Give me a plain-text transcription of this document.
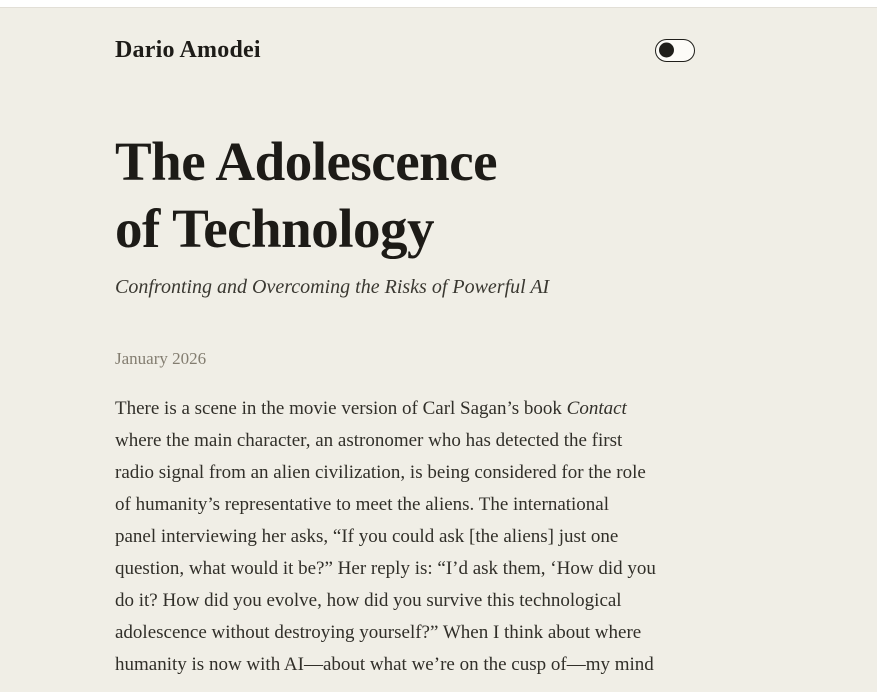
Dario Amodei
The Adolescence
of Technology

Confronting and Overcoming the Risks of Powerful AI

January 2026

There is a scene in the movie version of Carl Sagan’s book Contact

where the main character, an astronomer who has detected the first

radio signal from an alien civilization, is being considered for the role

of humanity’s representative to meet the aliens. The international

panel interviewing her asks, “If you could ask [the aliens] just one

question, what would it be?” Her reply is: “I’d ask them, ‘How did you

do it? How did you evolve, how did you survive this technological

adolescence without destroying yourself?” When I think about where

humanity is now with AI—about what we’re on the cusp of—my mind
